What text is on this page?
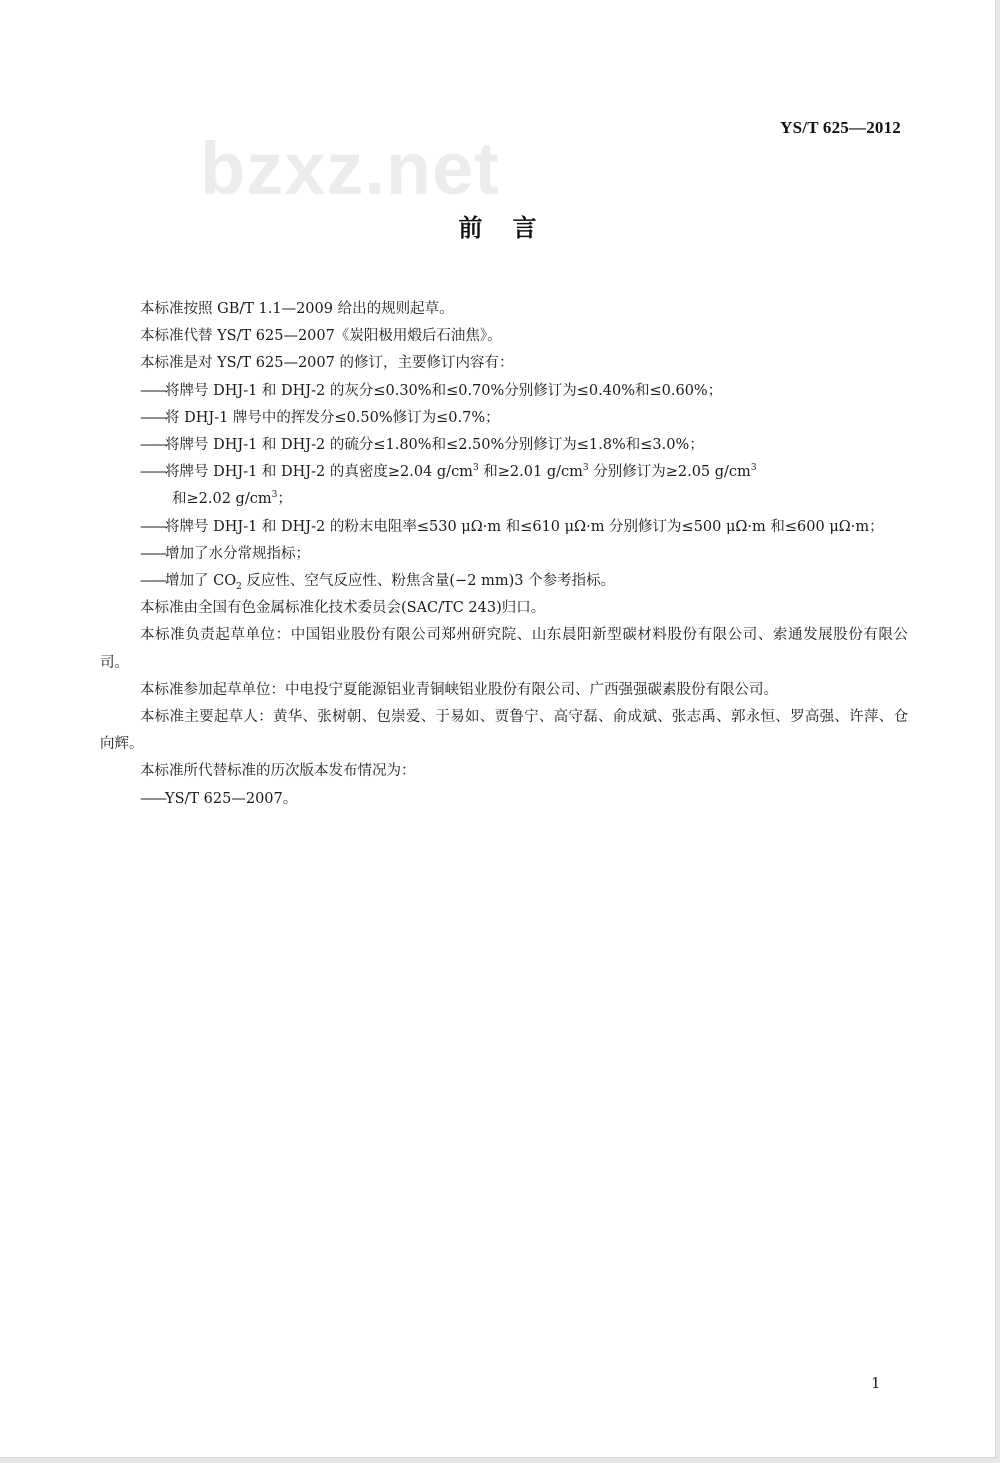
bzxz.net	YS/T 625—2012
前言

本标准按照 GB/T 1.1—2009 给出的规则起草。

本标准代替 YS/T 625—2007《炭阳极用煅后石油焦》。

本标准是对 YS/T 625—2007 的修订，主要修订内容有：

——将牌号 DHJ-1 和 DHJ-2 的灰分≤0.30%和≤0.70%分别修订为≤0.40%和≤0.60%；

——将 DHJ-1 牌号中的挥发分≤0.50%修订为≤0.7%；

——将牌号 DHJ-1 和 DHJ-2 的硫分≤1.80%和≤2.50%分别修订为≤1.8%和≤3.0%；

——将牌号 DHJ-1 和 DHJ-2 的真密度≥2.04 $g/cm^3$ 和≥2.01 $g/cm^3$ 分别修订为≥2.05 $g/cm^3$
和≥2.02 $g/cm^3$；

——将牌号 DHJ-1 和 DHJ-2 的粉末电阻率≤530 μΩ·m 和≤610 μΩ·m 分别修订为≤500 μΩ·m 和≤600 μΩ·m；

——增加了水分常规指标；

——增加了 $CO_2$ 反应性、空气反应性、粉焦含量(−2 mm)3 个参考指标。

本标准由全国有色金属标准化技术委员会(SAC/TC 243)归口。

本标准负责起草单位：中国铝业股份有限公司郑州研究院、山东晨阳新型碳材料股份有限公司、索通发展股份有限公司。

本标准参加起草单位：中电投宁夏能源铝业青铜峡铝业股份有限公司、广西强强碳素股份有限公司。

本标准主要起草人：黄华、张树朝、包崇爱、于易如、贾鲁宁、高守磊、俞成斌、张志禹、郭永恒、罗高强、许萍、仓向辉。

本标准所代替标准的历次版本发布情况为：

——YS/T 625—2007。

1
